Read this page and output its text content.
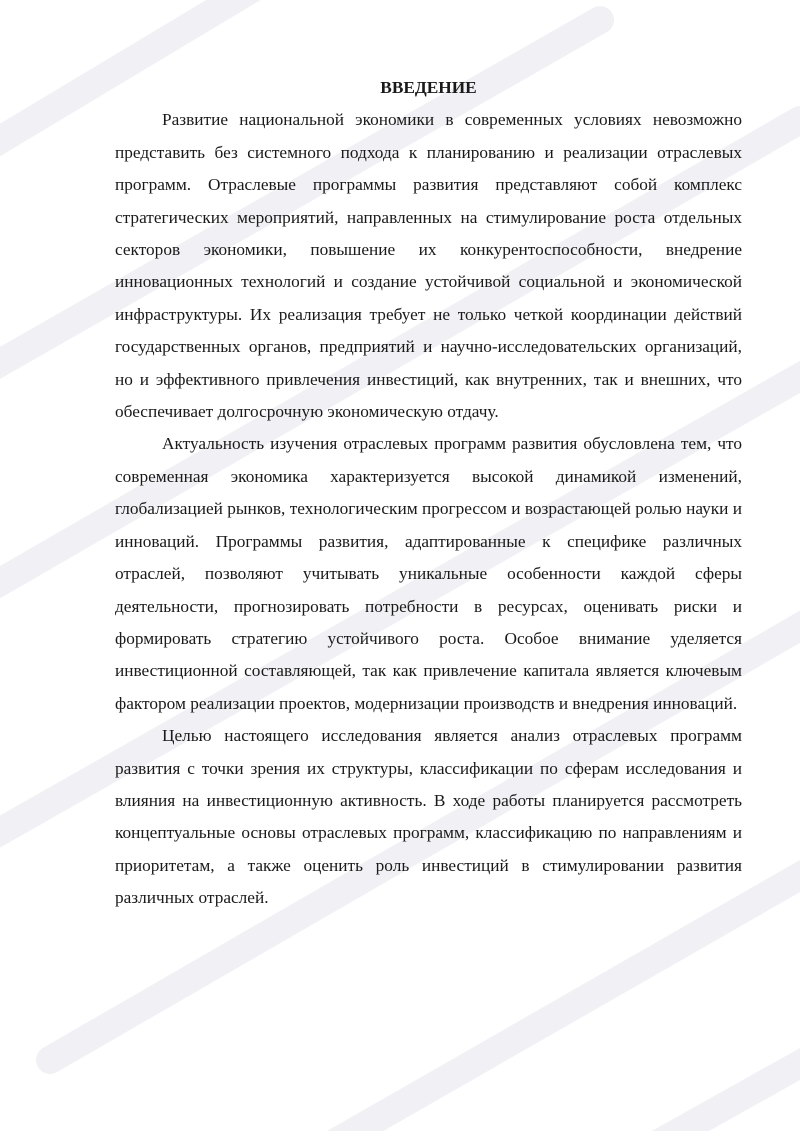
ВВЕДЕНИЕ

Развитие национальной экономики в современных условиях невозможно представить без системного подхода к планированию и реализации отраслевых программ. Отраслевые программы развития представляют собой комплекс стратегических мероприятий, направленных на стимулирование роста отдельных секторов экономики, повышение их конкурентоспособности, внедрение инновационных технологий и создание устойчивой социальной и экономической инфраструктуры. Их реализация требует не только четкой координации действий государственных органов, предприятий и научно-исследовательских организаций, но и эффективного привлечения инвестиций, как внутренних, так и внешних, что обеспечивает долгосрочную экономическую отдачу.

Актуальность изучения отраслевых программ развития обусловлена тем, что современная экономика характеризуется высокой динамикой изменений, глобализацией рынков, технологическим прогрессом и возрастающей ролью науки и инноваций. Программы развития, адаптированные к специфике различных отраслей, позволяют учитывать уникальные особенности каждой сферы деятельности, прогнозировать потребности в ресурсах, оценивать риски и формировать стратегию устойчивого роста. Особое внимание уделяется инвестиционной составляющей, так как привлечение капитала является ключевым фактором реализации проектов, модернизации производств и внедрения инноваций.

Целью настоящего исследования является анализ отраслевых программ развития с точки зрения их структуры, классификации по сферам исследования и влияния на инвестиционную активность. В ходе работы планируется рассмотреть концептуальные основы отраслевых программ, классификацию по направлениям и приоритетам, а также оценить роль инвестиций в стимулировании развития различных отраслей.
